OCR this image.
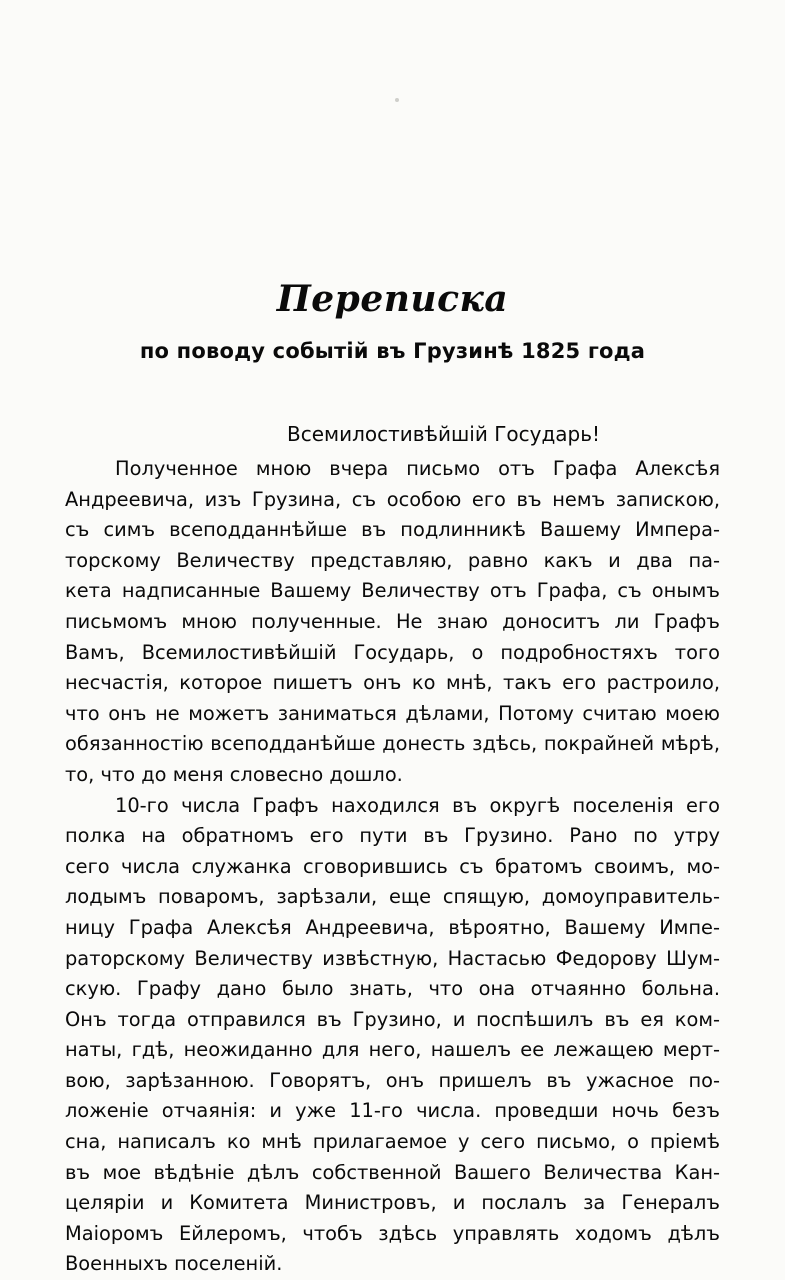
Переписка
по поводу событій въ Грузинѣ 1825 года
Всемилостивѣйшій Государь!
Полученное мною вчера письмо отъ Графа Алексѣя
Андреевича, изъ Грузина, съ особою его въ немъ запискою,
съ симъ всеподданнѣйше въ подлинникѣ Вашему Импера-
торскому Величеству представляю, равно какъ и два па-
кета надписанные Вашему Величеству отъ Графа, съ онымъ
письмомъ мною полученные. Не знаю доноситъ ли Графъ
Вамъ, Всемилостивѣйшій Государь, о подробностяхъ того
несчастія, которое пишетъ онъ ко мнѣ, такъ его растроило,
что онъ не можетъ заниматься дѣлами, Потому считаю моею
обязанностію всеподданѣйше донесть здѣсь, покрайней мѣрѣ,
то, что до меня словесно дошло.
10-го числа Графъ находился въ округѣ поселенія его
полка на обратномъ его пути въ Грузино. Рано по утру
сего числа служанка сговорившись съ братомъ своимъ, мо-
лодымъ поваромъ, зарѣзали, еще спящую, домоуправитель-
ницу Графа Алексѣя Андреевича, вѣроятно, Вашему Импе-
раторскому Величеству извѣстную, Настасью Федорову Шум-
скую. Графу дано было знать, что она отчаянно больна.
Онъ тогда отправился въ Грузино, и поспѣшилъ въ ея ком-
наты, гдѣ, неожиданно для него, нашелъ ее лежащею мерт-
вою, зарѣзанною. Говорятъ, онъ пришелъ въ ужасное по-
ложеніе отчаянія: и уже 11-го числа. проведши ночь безъ
сна, написалъ ко мнѣ прилагаемое у сего письмо, о пріемѣ
въ мое вѣдѣніе дѣлъ собственной Вашего Величества Кан-
целяріи и Комитета Министровъ, и послалъ за Генералъ
Маіоромъ Ейлеромъ, чтобъ здѣсь управлять ходомъ дѣлъ
Военныхъ поселеній.
